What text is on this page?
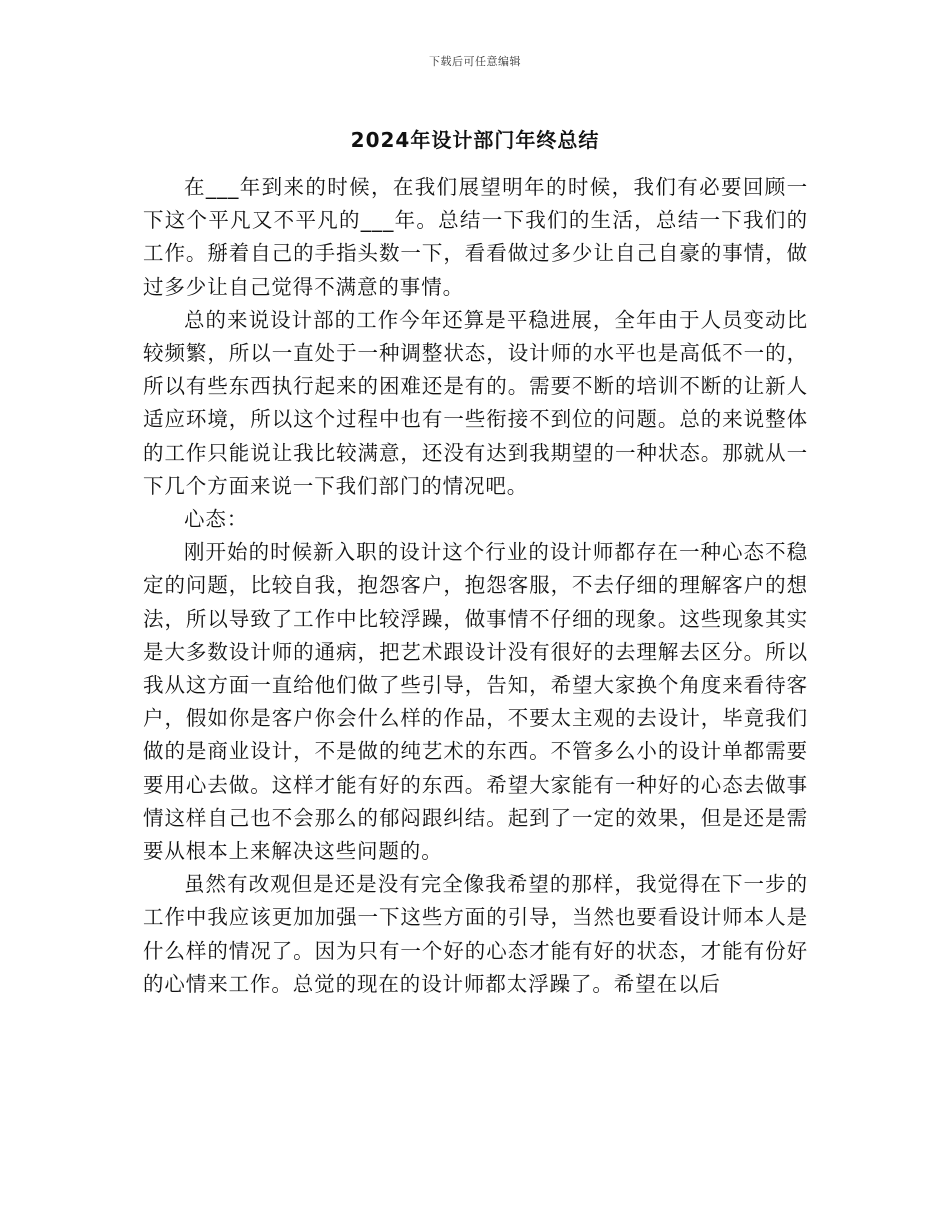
下载后可任意编辑
2024年设计部门年终总结

在___年到来的时候，在我们展望明年的时候，我们有必要回顾一下这个平凡又不平凡的___年。总结一下我们的生活，总结一下我们的工作。掰着自己的手指头数一下，看看做过多少让自己自豪的事情，做过多少让自己觉得不满意的事情。

总的来说设计部的工作今年还算是平稳进展，全年由于人员变动比较频繁，所以一直处于一种调整状态，设计师的水平也是高低不一的，所以有些东西执行起来的困难还是有的。需要不断的培训不断的让新人适应环境，所以这个过程中也有一些衔接不到位的问题。总的来说整体的工作只能说让我比较满意，还没有达到我期望的一种状态。那就从一下几个方面来说一下我们部门的情况吧。

心态：

刚开始的时候新入职的设计这个行业的设计师都存在一种心态不稳定的问题，比较自我，抱怨客户，抱怨客服，不去仔细的理解客户的想法，所以导致了工作中比较浮躁，做事情不仔细的现象。这些现象其实是大多数设计师的通病，把艺术跟设计没有很好的去理解去区分。所以我从这方面一直给他们做了些引导，告知，希望大家换个角度来看待客户，假如你是客户你会什么样的作品，不要太主观的去设计，毕竟我们做的是商业设计，不是做的纯艺术的东西。不管多么小的设计单都需要要用心去做。这样才能有好的东西。希望大家能有一种好的心态去做事情这样自己也不会那么的郁闷跟纠结。起到了一定的效果，但是还是需要从根本上来解决这些问题的。

虽然有改观但是还是没有完全像我希望的那样，我觉得在下一步的工作中我应该更加加强一下这些方面的引导，当然也要看设计师本人是什么样的情况了。因为只有一个好的心态才能有好的状态，才能有份好的心情来工作。总觉的现在的设计师都太浮躁了。希望在以后
